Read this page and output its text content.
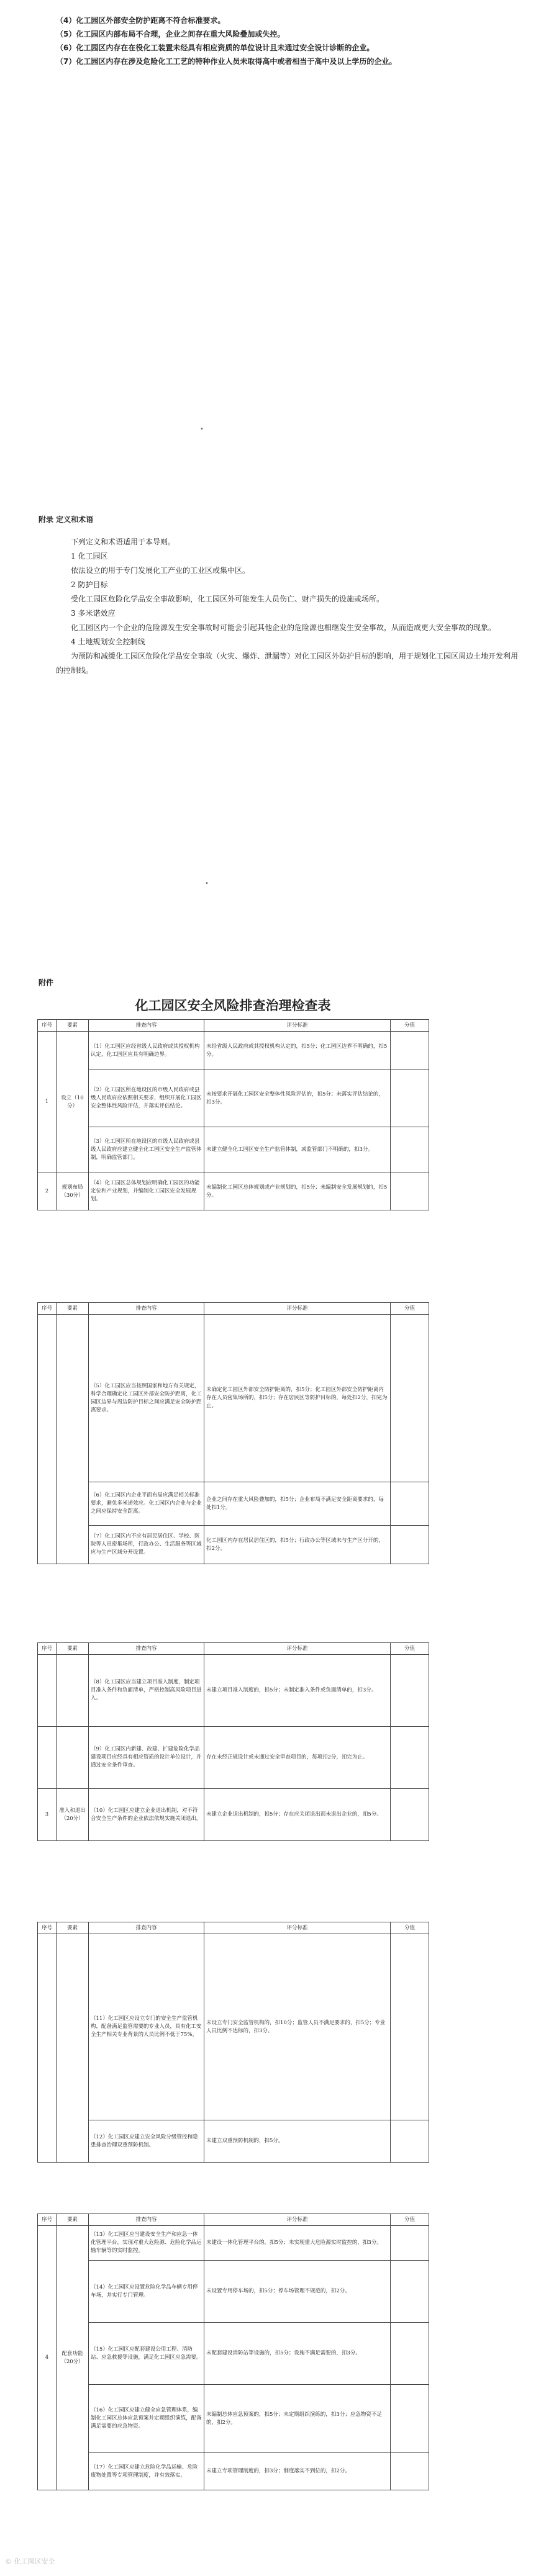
（4）化工园区外部安全防护距离不符合标准要求。

（5）化工园区内部布局不合理，企业之间存在重大风险叠加或失控。

（6）化工园区内存在在役化工装置未经具有相应资质的单位设计且未通过安全设计诊断的企业。

（7）化工园区内存在涉及危险化工工艺的特种作业人员未取得高中或者相当于高中及以上学历的企业。

•
附录 定义和术语

下列定义和术语适用于本导则。

1 化工园区

依法设立的用于专门发展化工产业的工业区或集中区。

2 防护目标

受化工园区危险化学品安全事故影响，化工园区外可能发生人员伤亡、财产损失的设施或场所。

3 多米诺效应

化工园区内一个企业的危险源发生安全事故时可能会引起其他企业的危险源也相继发生安全事故，从而造成更大安全事故的现象。

4 土地规划安全控制线

为预防和减缓化工园区危险化学品安全事故（火灾、爆炸、泄漏等）对化工园区外防护目标的影响，用于规划化工园区周边土地开发利用的控制线。

•
附件
化工园区安全风险排查治理检查表
序号	要素	排查内容	评分标准	分值
1	设立（10分）	（1）化工园区应经省级人民政府或其授权机构认定，化工园区应具有明确边界。	未经省级人民政府或其授权机构认定的，扣5分；化工园区边界不明确的，扣5分。	
		（2）化工园区所在地设区的市级人民政府或县级人民政府应依照相关要求，组织开展化工园区安全整体性风险评估，并落实评估结论。	未按要求开展化工园区安全整体性风险评估的，扣5分；未落实评估结论的，扣3分。	
		（3）化工园区所在地设区的市级人民政府或县级人民政府应建立健全化工园区安全生产监管体制，明确监管部门。	未建立健全化工园区安全生产监管体制，或监管部门不明确的，扣3分。	
2	规划布局（30分）	（4）化工园区总体规划应明确化工园区的功能定位和产业规划，并编制化工园区安全发展规划。	未编制化工园区总体规划或产业规划的，扣5分；未编制安全发展规划的，扣5分。	
序号	要素	排查内容	评分标准	分值
		（5）化工园区应当按照国家和地方有关规定，科学合理确定化工园区外部安全防护距离，化工园区边界与周边防护目标之间应满足安全防护距离要求。	未确定化工园区外部安全防护距离的，扣5分；化工园区外部安全防护距离内存在人员密集场所的，扣5分；存在居民区等防护目标的，每处扣2分，扣完为止。	
		（6）化工园区内企业平面布局应满足相关标准要求，避免多米诺效应。化工园区内企业与企业之间应保持安全距离。	企业之间存在重大风险叠加的，扣5分；企业布局不满足安全距离要求的，每处扣1分。	
		（7）化工园区内不应有居民居住区、学校、医院等人员密集场所，行政办公、生活服务等区域应与生产区域分开设置。	化工园区内存在居民居住区的，扣5分；行政办公等区域未与生产区分开的，扣2分。	
序号	要素	排查内容	评分标准	分值
		（8）化工园区应当建立项目准入制度，制定项目准入条件和负面清单，严格控制高风险项目进入。	未建立项目准入制度的，扣5分；未制定准入条件或负面清单的，扣3分。	
		（9）化工园区内新建、改建、扩建危险化学品建设项目应经具有相应资质的设计单位设计，并通过安全条件审查。	存在未经正规设计或未通过安全审查项目的，每项扣2分，扣完为止。	
3	准入和退出（20分）	（10）化工园区应建立企业退出机制，对不符合安全生产条件的企业依法依规实施关闭退出。	未建立企业退出机制的，扣5分；存在应关闭退出而未退出企业的，扣5分。	
序号	要素	排查内容	评分标准	分值
		（11）化工园区应设立专门的安全生产监管机构，配备满足监管需要的专业人员，具有化工安全生产相关专业背景的人员比例不低于75%。	未设立专门安全监管机构的，扣10分；监管人员不满足要求的，扣5分；专业人员比例不达标的，扣3分。	
		（12）化工园区应建立安全风险分级管控和隐患排查治理双重预防机制。	未建立双重预防机制的，扣5分。	
序号	要素	排查内容	评分标准	分值
4	配套功能（20分）	（13）化工园区应当建设安全生产和应急一体化管理平台，实现对重大危险源、危险化学品运输车辆等的实时监控。	未建设一体化管理平台的，扣5分；未实现重大危险源实时监控的，扣3分。	
		（14）化工园区应设置危险化学品车辆专用停车场，并实行专门管理。	未设置专用停车场的，扣5分；停车场管理不规范的，扣2分。	
		（15）化工园区应配套建设公用工程、消防站、应急救援等设施，满足化工园区应急需要。	未配套建设消防站等设施的，扣5分；设施不满足需要的，扣3分。	
		（16）化工园区应建立健全应急管理体系，编制化工园区总体应急预案并定期组织演练，配备满足需要的应急物资。	未编制总体应急预案的，扣5分；未定期组织演练的，扣3分；应急物资不足的，扣2分。	
		（17）化工园区应建立危险化学品运输、危险废物处置等专项管理制度，并有效落实。	未建立专项管理制度的，扣3分；制度落实不到位的，扣2分。	
© 化工园区安全
